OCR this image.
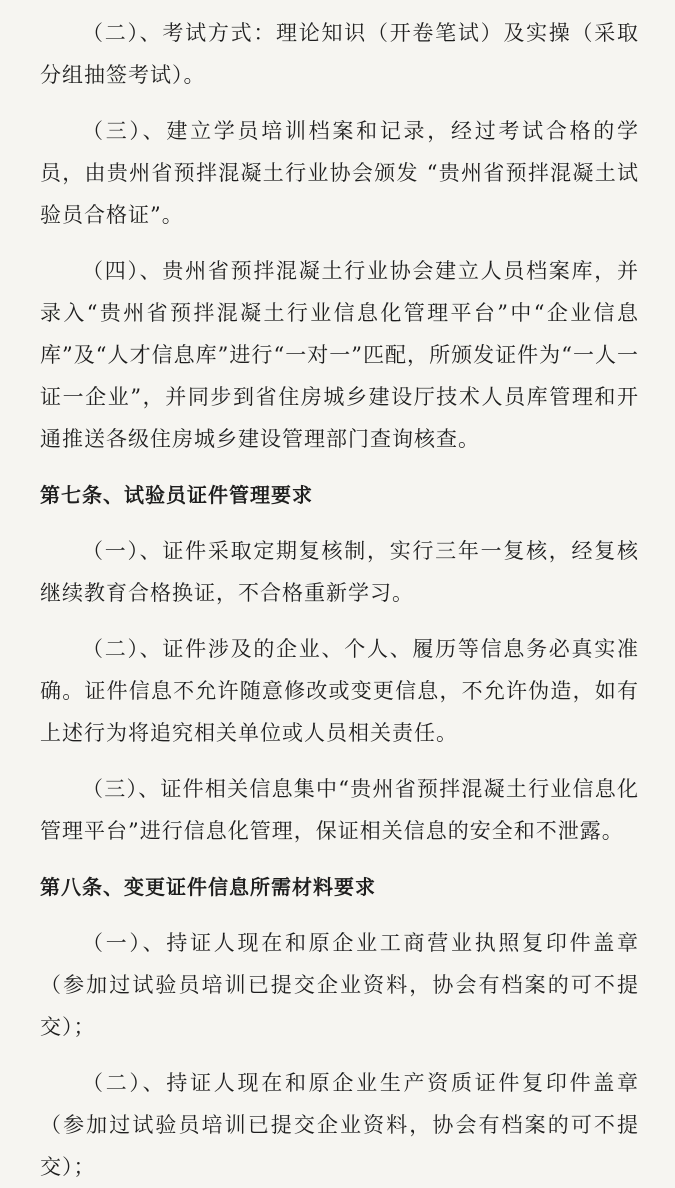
（二）、考试方式：理论知识（开卷笔试）及实操（采取分组抽签考试）。

（三）、建立学员培训档案和记录，经过考试合格的学员，由贵州省预拌混凝土行业协会颁发 “贵州省预拌混凝土试验员合格证”。

（四）、贵州省预拌混凝土行业协会建立人员档案库，并录入“贵州省预拌混凝土行业信息化管理平台”中“企业信息库”及“人才信息库”进行“一对一”匹配，所颁发证件为“一人一证一企业”，并同步到省住房城乡建设厅技术人员库管理和开通推送各级住房城乡建设管理部门查询核查。

第七条、试验员证件管理要求

（一）、证件采取定期复核制，实行三年一复核，经复核继续教育合格换证，不合格重新学习。

（二）、证件涉及的企业、个人、履历等信息务必真实准确。证件信息不允许随意修改或变更信息，不允许伪造，如有上述行为将追究相关单位或人员相关责任。

（三）、证件相关信息集中“贵州省预拌混凝土行业信息化管理平台”进行信息化管理，保证相关信息的安全和不泄露。

第八条、变更证件信息所需材料要求

（一）、持证人现在和原企业工商营业执照复印件盖章（参加过试验员培训已提交企业资料，协会有档案的可不提交）；

（二）、持证人现在和原企业生产资质证件复印件盖章（参加过试验员培训已提交企业资料，协会有档案的可不提交）；
